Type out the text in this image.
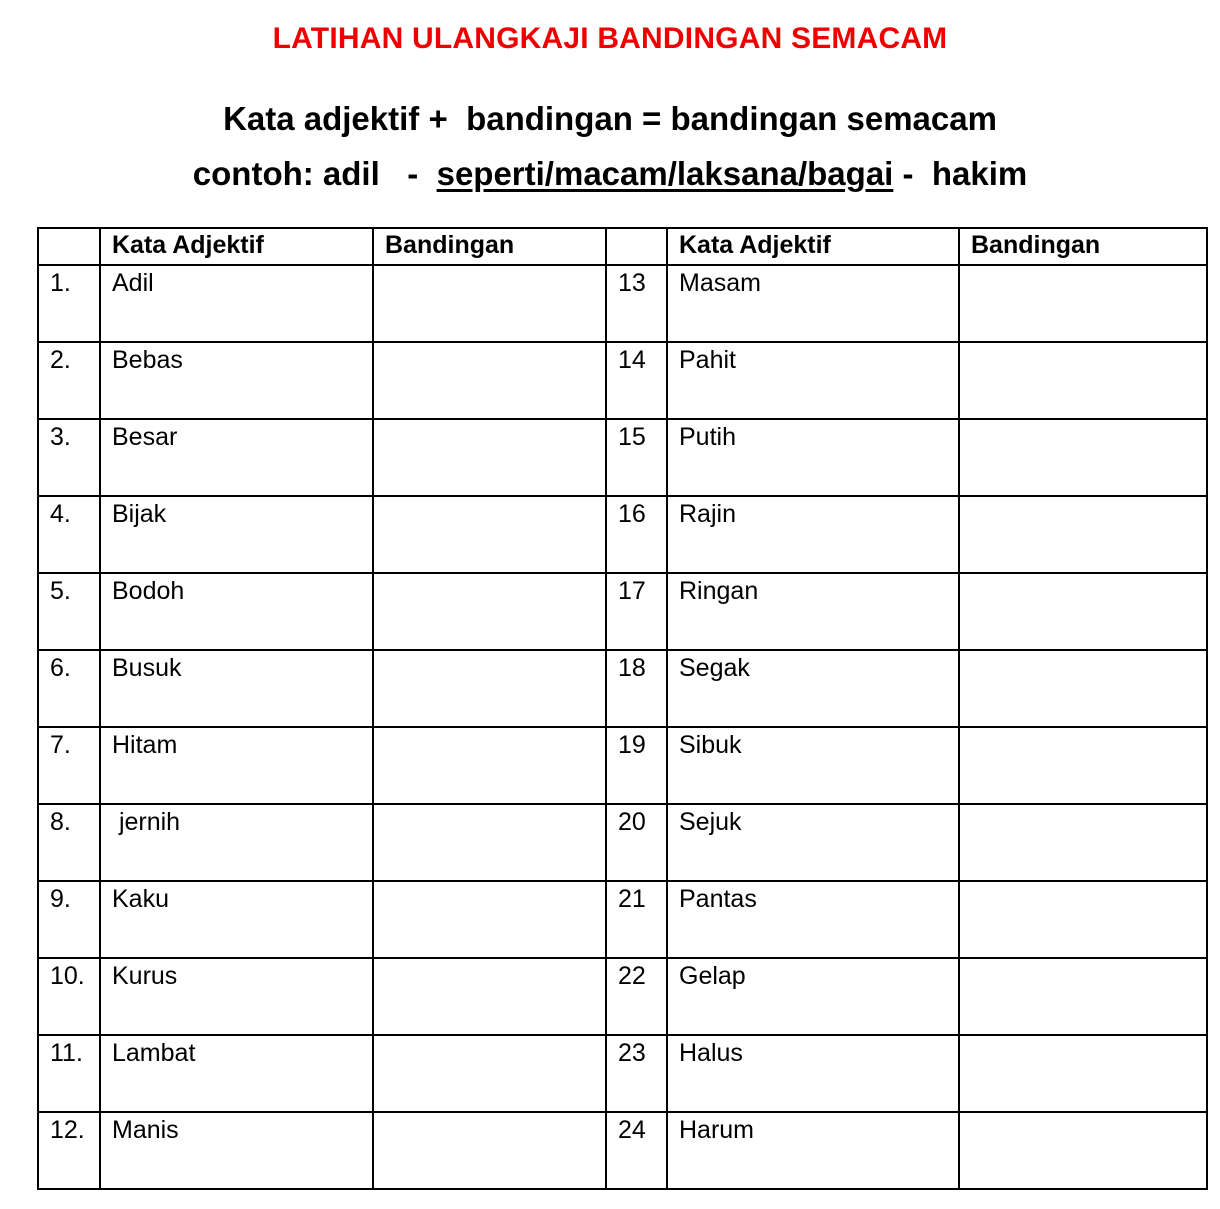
LATIHAN ULANGKAJI BANDINGAN SEMACAM
Kata adjektif +  bandingan = bandingan semacam
contoh: adil   -  seperti/macam/laksana/bagai -  hakim
	Kata Adjektif	Bandingan		Kata Adjektif	Bandingan
1.	Adil		13	Masam	
2.	Bebas		14	Pahit	
3.	Besar		15	Putih	
4.	Bijak		16	Rajin	
5.	Bodoh		17	Ringan	
6.	Busuk		18	Segak	
7.	Hitam		19	Sibuk	
8.	jernih		20	Sejuk	
9.	Kaku		21	Pantas	
10.	Kurus		22	Gelap	
11.	Lambat		23	Halus	
12.	Manis		24	Harum	
